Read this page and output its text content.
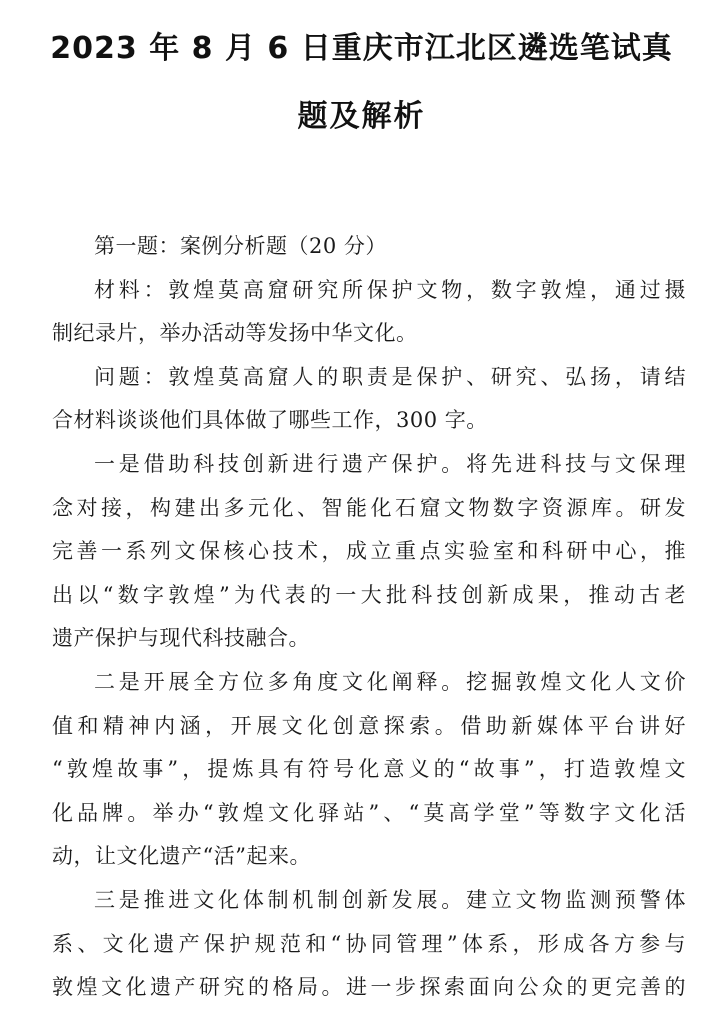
2023 年 8 月 6 日重庆市江北区遴选笔试真
题及解析

第一题：案例分析题（20 分）

材料：敦煌莫高窟研究所保护文物，数字敦煌，通过摄
制纪录片，举办活动等发扬中华文化。

问题：敦煌莫高窟人的职责是保护、研究、弘扬，请结
合材料谈谈他们具体做了哪些工作，300 字。

一是借助科技创新进行遗产保护。将先进科技与文保理
念对接，构建出多元化、智能化石窟文物数字资源库。研发
完善一系列文保核心技术，成立重点实验室和科研中心，推
出以“数字敦煌”为代表的一大批科技创新成果，推动古老
遗产保护与现代科技融合。

二是开展全方位多角度文化阐释。挖掘敦煌文化人文价
值和精神内涵，开展文化创意探索。借助新媒体平台讲好
“敦煌故事”，提炼具有符号化意义的“故事”，打造敦煌文
化品牌。举办“敦煌文化驿站”、“莫高学堂”等数字文化活
动，让文化遗产“活”起来。

三是推进文化体制机制创新发展。建立文物监测预警体
系、文化遗产保护规范和“协同管理”体系，形成各方参与
敦煌文化遗产研究的格局。进一步探索面向公众的更完善的
